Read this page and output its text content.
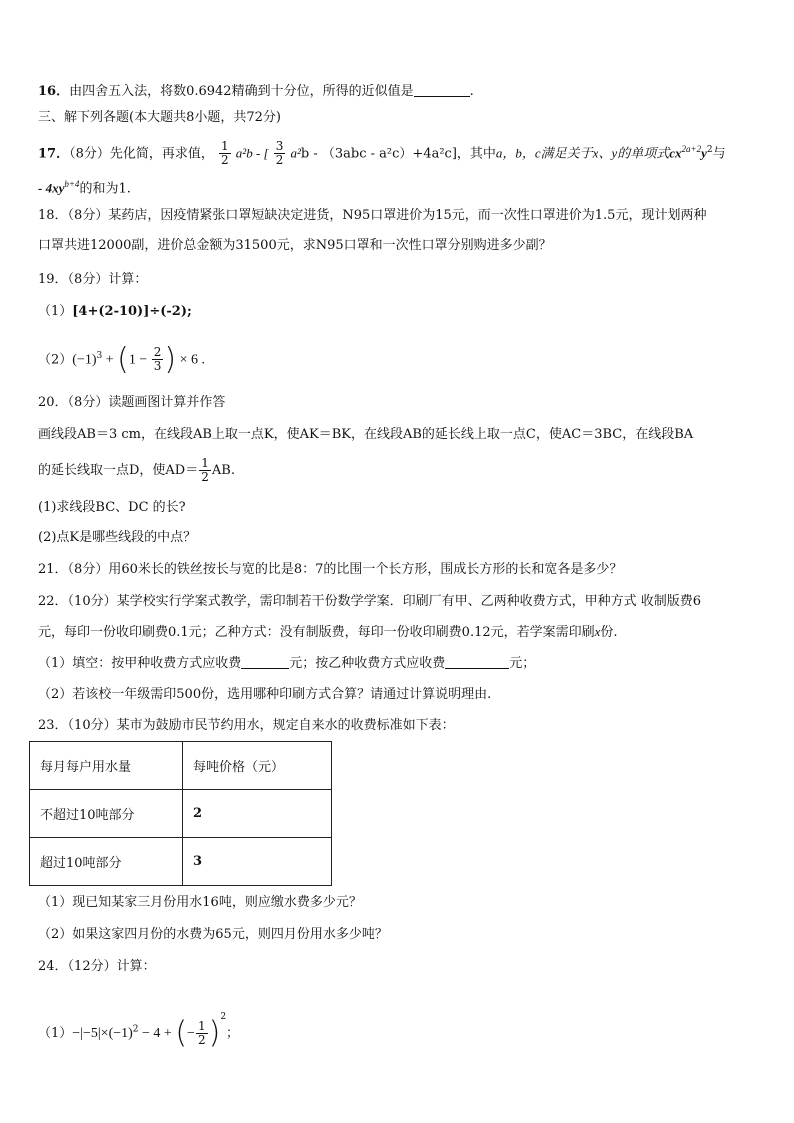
16．由四舍五入法，将数0.6942精确到十分位，所得的近似值是	.
三、解下列各题(本大题共8小题，共72分)
17．（8分）先化简，再求值， $\frac{1}{2} a^2b$ - [ $\frac{3}{2} a^2b - (3abc - a^2c)+4a^2c$]，其中a，b，c满足关于x、y的单项式$cx^{2a+2}y^2$与
- $4xy^{b+4}$的和为1.
18．（8分）某药店，因疫情紧张口罩短缺决定进货，N95口罩进价为15元，而一次性口罩进价为1.5元，现计划两种
口罩共进12000副，进价总金额为31500元，求N95口罩和一次性口罩分别购进多少副？
19．（8分）计算：
（1）[4+(2-10)]÷(-2);
$(2)(-1)^3 + (1 - \frac{2}{3}$ ) × 6 .
20．（8分）读题画图计算并作答
画线段AB＝3 cm，在线段AB上取一点K，使AK＝BK，在线段AB的延长线上取一点C，使AC＝3BC，在线段BA
的延长线取一点D，使$AD= \frac{1}{2}$ AB.
(1)求线段BC、DC 的长?
(2)点K是哪些线段的中点？
21．（8分）用60米长的铁丝按长与宽的比是8：7的比围一个长方形，围成长方形的长和宽各是多少？
22．（10分）某学校实行学案式教学，需印制若干份数学学案．印刷厂有甲、乙两种收费方式，甲种方式 收制版费6
元，每印一份收印刷费0.1元；乙种方式：没有制版费，每印一份收印刷费0.12元，若学案需印刷x份.
（1）填空：按甲种收费方式应收费	元；按乙种收费方式应收费	元；
（2）若该校一年级需印500份，选用哪种印刷方式合算？请通过计算说明理由.
23．（10分）某市为鼓励市民节约用水，规定自来水的收费标准如下表：
每月每户用水量	每吨价格（元）
不超过10吨部分	2
超过10吨部分	3
（1）现已知某家三月份用水16吨，则应缴水费多少元？
（2）如果这家四月份的水费为65元，则四月份用水多少吨？
24．（12分）计算：
$(1)-|-5|\times(-1)^2 - 4$ + (− $\frac{1}{2} )^2$；
